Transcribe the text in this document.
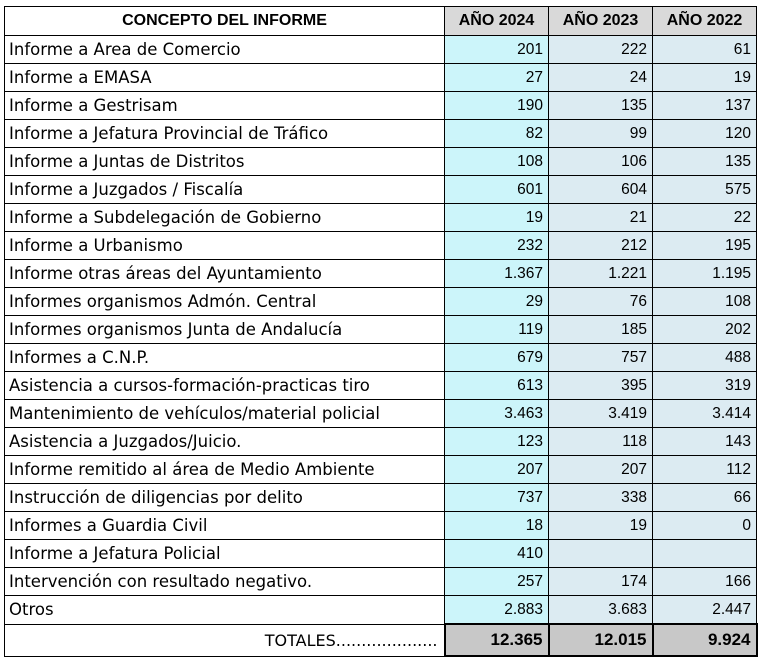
CONCEPTO DEL INFORME	AÑO 2024	AÑO 2023	AÑO 2022
Informe a Area de Comercio	201	222	61
Informe a EMASA	27	24	19
Informe a Gestrisam	190	135	137
Informe a Jefatura Provincial de Tráfico	82	99	120
Informe a Juntas de Distritos	108	106	135
Informe a Juzgados / Fiscalía	601	604	575
Informe a Subdelegación de Gobierno	19	21	22
Informe a Urbanismo	232	212	195
Informe otras áreas del Ayuntamiento	1.367	1.221	1.195
Informes organismos Admón. Central	29	76	108
Informes organismos Junta de Andalucía	119	185	202
Informes a C.N.P.	679	757	488
Asistencia a cursos-formación-practicas tiro	613	395	319
Mantenimiento de vehículos/material policial	3.463	3.419	3.414
Asistencia a Juzgados/Juicio.	123	118	143
Informe remitido al área de Medio Ambiente	207	207	112
Instrucción de diligencias por delito	737	338	66
Informes a Guardia Civil	18	19	0
Informe a Jefatura Policial	410		
Intervención con resultado negativo.	257	174	166
Otros	2.883	3.683	2.447
TOTALES....................	12.365	12.015	9.924
